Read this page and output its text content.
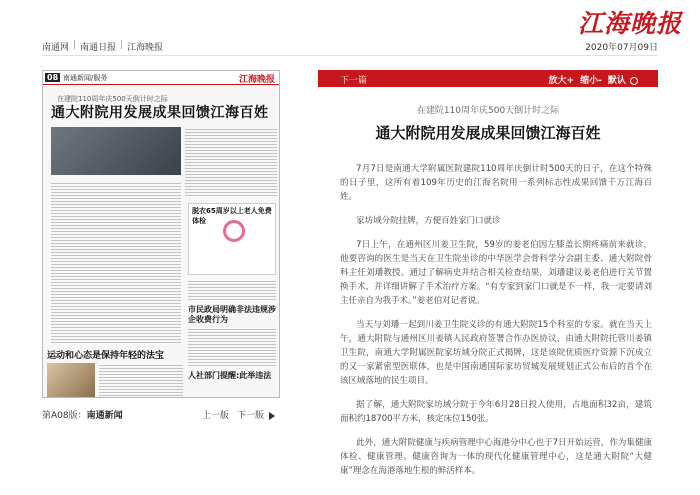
江海晚报
南通网 | 南通日报 | 江海晚报	2020年07月09日
08 南通新闻/服务	江海晚报
在建院110周年庆500天倒计时之际
通大附院用发展成果回馈江海百姓
脱衣65周岁以上老人免费体检
市民政局明确非法违规涉企收费行为
人社部门提醒:此举违法
运动和心态是保持年轻的法宝
第A08版：南通新闻	上一版 下一版
下一篇	放大+ 缩小- 默认
在建院110周年庆500天倒计时之际
通大附院用发展成果回馈江海百姓

7月7日是南通大学附属医院建院110周年庆倒计时500天的日子，在这个特殊的日子里，这所有着109年历史的江海名院用一系列标志性成果回馈千万江海百姓。

家坊域分院挂牌，方便百姓家门口就诊

7日上午，在通州区川姜卫生院，59岁的姜老伯因左膝盖长期疼痛前来就诊，他要咨询的医生是当天在卫生院坐诊的中华医学会骨科学分会副主委、通大附院骨科主任刘璠教授。通过了解病史并结合相关检查结果，刘璠建议姜老伯进行关节置换手术，并详细讲解了手术治疗方案。“有专家到家门口就是不一样，我一定要请刘主任亲自为我手术。”姜老伯对记者说。

当天与刘璠一起到川姜卫生院义诊的有通大附院15个科室的专家。就在当天上午，通大附院与通州区川姜镇人民政府签署合作办医协议，由通大附院托管川姜镇卫生院，南通大学附属医院家坊域分院正式揭牌，这是该院优质医疗资源下沉成立的又一家紧密型医联体，也是中国南通国际家坊贸城发展规划正式公布后的首个在该区域落地的民生项目。

据了解，通大附院家坊域分院于今年6月28日投入使用，占地面积32亩，建筑面积约18700平方米，核定床位150张。

此外，通大附院健康与疾病管理中心海港分中心也于7日开始运营，作为集健康体检、健康管理、健康咨询为一体的现代化健康管理中心，这是通大附院“大健康”理念在海港落地生根的鲜活样本。
